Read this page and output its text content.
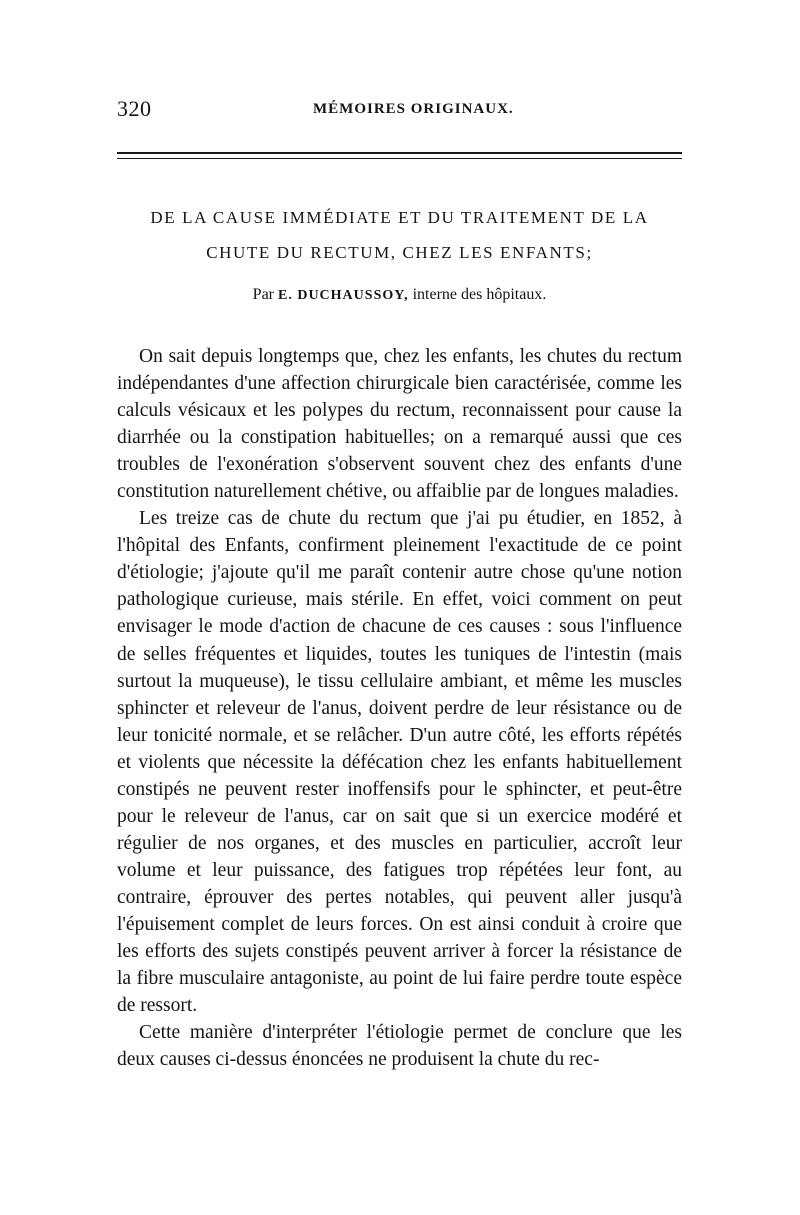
320	MÉMOIRES ORIGINAUX.
DE LA CAUSE IMMÉDIATE ET DU TRAITEMENT DE LA
CHUTE DU RECTUM, CHEZ LES ENFANTS;
Par E. DUCHAUSSOY, interne des hôpitaux.

On sait depuis longtemps que, chez les enfants, les chutes du rectum indépendantes d'une affection chirurgicale bien caractérisée, comme les calculs vésicaux et les polypes du rectum, reconnaissent pour cause la diarrhée ou la constipation habituelles; on a remarqué aussi que ces troubles de l'exonération s'observent souvent chez des enfants d'une constitution naturellement chétive, ou affaiblie par de longues maladies.

Les treize cas de chute du rectum que j'ai pu étudier, en 1852, à l'hôpital des Enfants, confirment pleinement l'exactitude de ce point d'étiologie; j'ajoute qu'il me paraît contenir autre chose qu'une notion pathologique curieuse, mais stérile. En effet, voici comment on peut envisager le mode d'action de chacune de ces causes : sous l'influence de selles fréquentes et liquides, toutes les tuniques de l'intestin (mais surtout la muqueuse), le tissu cellulaire ambiant, et même les muscles sphincter et releveur de l'anus, doivent perdre de leur résistance ou de leur tonicité normale, et se relâcher. D'un autre côté, les efforts répétés et violents que nécessite la défécation chez les enfants habituellement constipés ne peuvent rester inoffensifs pour le sphincter, et peut-être pour le releveur de l'anus, car on sait que si un exercice modéré et régulier de nos organes, et des muscles en particulier, accroît leur volume et leur puissance, des fatigues trop répétées leur font, au contraire, éprouver des pertes notables, qui peuvent aller jusqu'à l'épuisement complet de leurs forces. On est ainsi conduit à croire que les efforts des sujets constipés peuvent arriver à forcer la résistance de la fibre musculaire antagoniste, au point de lui faire perdre toute espèce de ressort.

Cette manière d'interpréter l'étiologie permet de conclure que les deux causes ci-dessus énoncées ne produisent la chute du rec-
